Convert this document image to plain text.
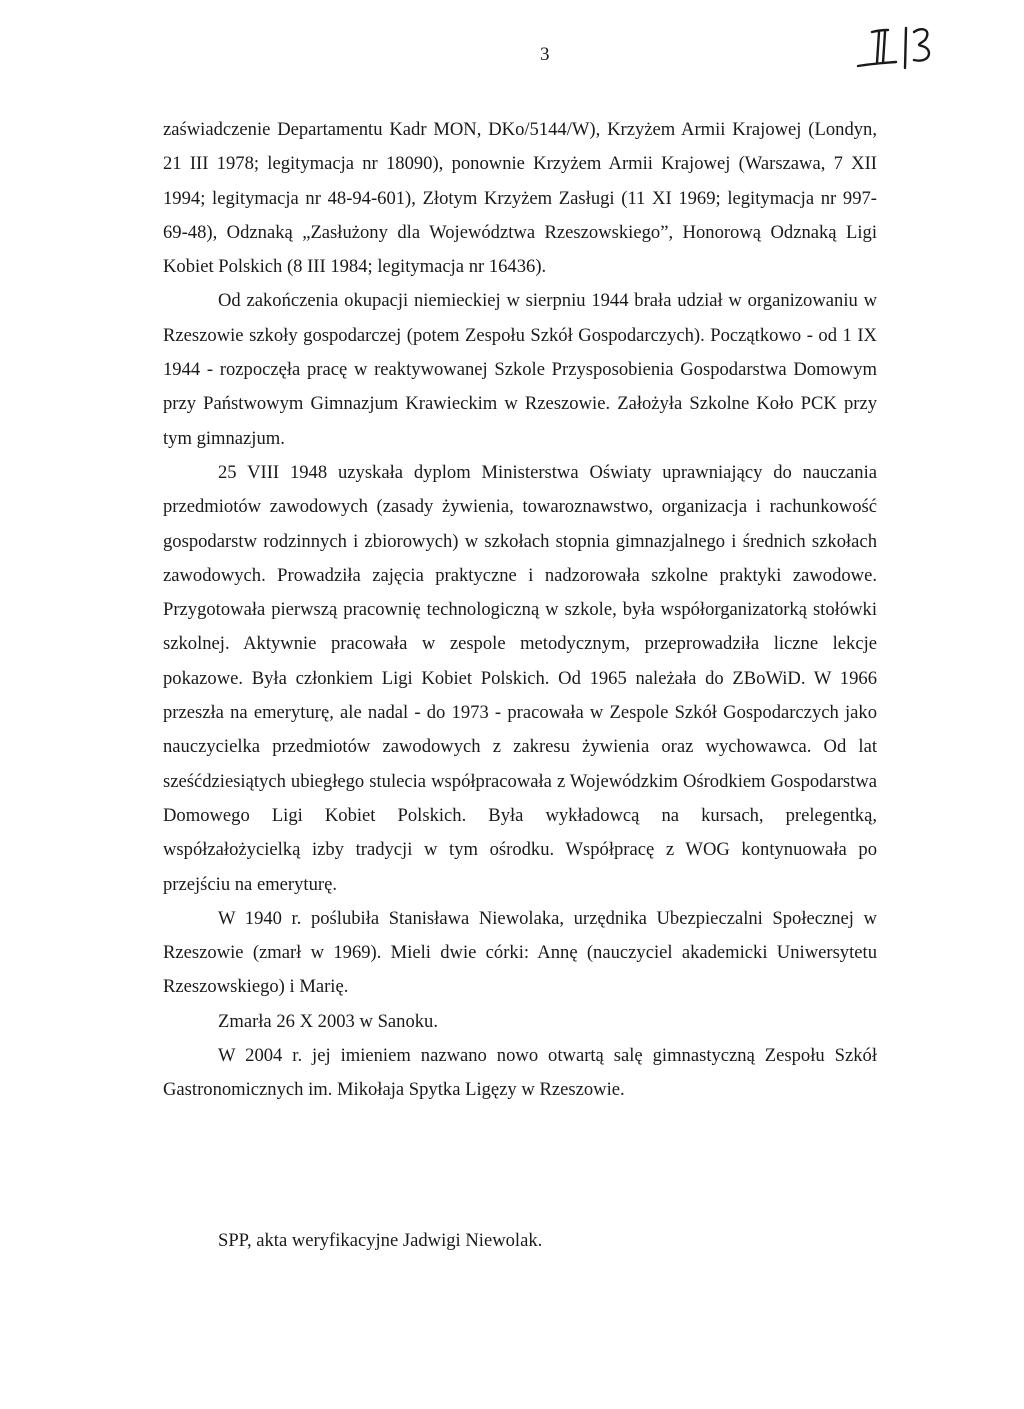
3

zaświadczenie Departamentu Kadr MON, DKo/5144/W), Krzyżem Armii Krajowej (Londyn, 21 III 1978; legitymacja nr 18090), ponownie Krzyżem Armii Krajowej (Warszawa, 7 XII 1994; legitymacja nr 48-94-601), Złotym Krzyżem Zasługi (11 XI 1969; legitymacja nr 997-69-48), Odznaką „Zasłużony dla Województwa Rzeszowskiego”, Honorową Odznaką Ligi Kobiet Polskich (8 III 1984; legitymacja nr 16436).

Od zakończenia okupacji niemieckiej w sierpniu 1944 brała udział w organizowaniu w Rzeszowie szkoły gospodarczej (potem Zespołu Szkół Gospodarczych). Początkowo - od 1 IX 1944 - rozpoczęła pracę w reaktywowanej Szkole Przysposobienia Gospodarstwa Domowym przy Państwowym Gimnazjum Krawieckim w Rzeszowie. Założyła Szkolne Koło PCK przy tym gimnazjum.

25 VIII 1948 uzyskała dyplom Ministerstwa Oświaty uprawniający do nauczania przedmiotów zawodowych (zasady żywienia, towaroznawstwo, organizacja i rachunkowość gospodarstw rodzinnych i zbiorowych) w szkołach stopnia gimnazjalnego i średnich szkołach zawodowych. Prowadziła zajęcia praktyczne i nadzorowała szkolne praktyki zawodowe. Przygotowała pierwszą pracownię technologiczną w szkole, była współorganizatorką stołówki szkolnej. Aktywnie pracowała w zespole metodycznym, przeprowadziła liczne lekcje pokazowe. Była członkiem Ligi Kobiet Polskich. Od 1965 należała do ZBoWiD. W 1966 przeszła na emeryturę, ale nadal - do 1973 - pracowała w Zespole Szkół Gospodarczych jako nauczycielka przedmiotów zawodowych z zakresu żywienia oraz wychowawca. Od lat sześćdziesiątych ubiegłego stulecia współpracowała z Wojewódzkim Ośrodkiem Gospodarstwa Domowego Ligi Kobiet Polskich. Była wykładowcą na kursach, prelegentką, współzałożycielką izby tradycji w tym ośrodku. Współpracę z WOG kontynuowała po przejściu na emeryturę.

W 1940 r. poślubiła Stanisława Niewolaka, urzędnika Ubezpieczalni Społecznej w Rzeszowie (zmarł w 1969). Mieli dwie córki: Annę (nauczyciel akademicki Uniwersytetu Rzeszowskiego) i Marię.

Zmarła 26 X 2003 w Sanoku.

W 2004 r. jej imieniem nazwano nowo otwartą salę gimnastyczną Zespołu Szkół Gastronomicznych im. Mikołaja Spytka Ligęzy w Rzeszowie.

SPP, akta weryfikacyjne Jadwigi Niewolak.
